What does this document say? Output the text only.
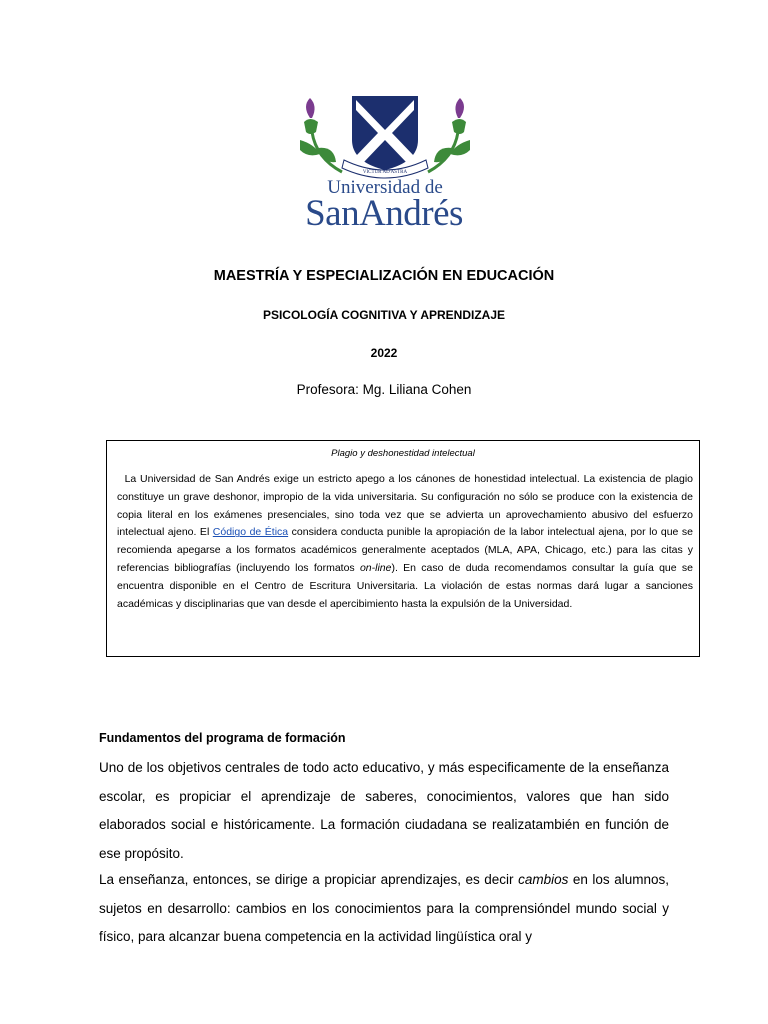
VICTUR AD ASTRA
Universidad de
SanAndrés
MAESTRÍA Y ESPECIALIZACIÓN EN EDUCACIÓN
PSICOLOGÍA COGNITIVA Y APRENDIZAJE
2022
Profesora: Mg. Liliana Cohen
Plagio y deshonestidad intelectual
La Universidad de San Andrés exige un estricto apego a los cánones de honestidad intelectual. La existencia de plagio constituye un grave deshonor, impropio de la vida universitaria. Su configuración no sólo se produce con la existencia de copia literal en los exámenes presenciales, sino toda vez que se advierta un aprovechamiento abusivo del esfuerzo intelectual ajeno. El Código de Ética considera conducta punible la apropiación de la labor intelectual ajena, por lo que se recomienda apegarse a los formatos académicos generalmente aceptados (MLA, APA, Chicago, etc.) para las citas y referencias bibliografías (incluyendo los formatos on-line). En caso de duda recomendamos consultar la guía que se encuentra disponible en el Centro de Escritura Universitaria. La violación de estas normas dará lugar a sanciones académicas y disciplinarias que van desde el apercibimiento hasta la expulsión de la Universidad.
Fundamentos del programa de formación
Uno de los objetivos centrales de todo acto educativo, y más especificamente de la enseñanza escolar, es propiciar el aprendizaje de saberes, conocimientos, valores que han sido elaborados social e históricamente. La formación ciudadana se realizatambién en función de ese propósito.
La enseñanza, entonces, se dirige a propiciar aprendizajes, es decir cambios en los alumnos, sujetos en desarrollo: cambios en los conocimientos para la comprensióndel mundo social y físico, para alcanzar buena competencia en la actividad lingüística oral y
